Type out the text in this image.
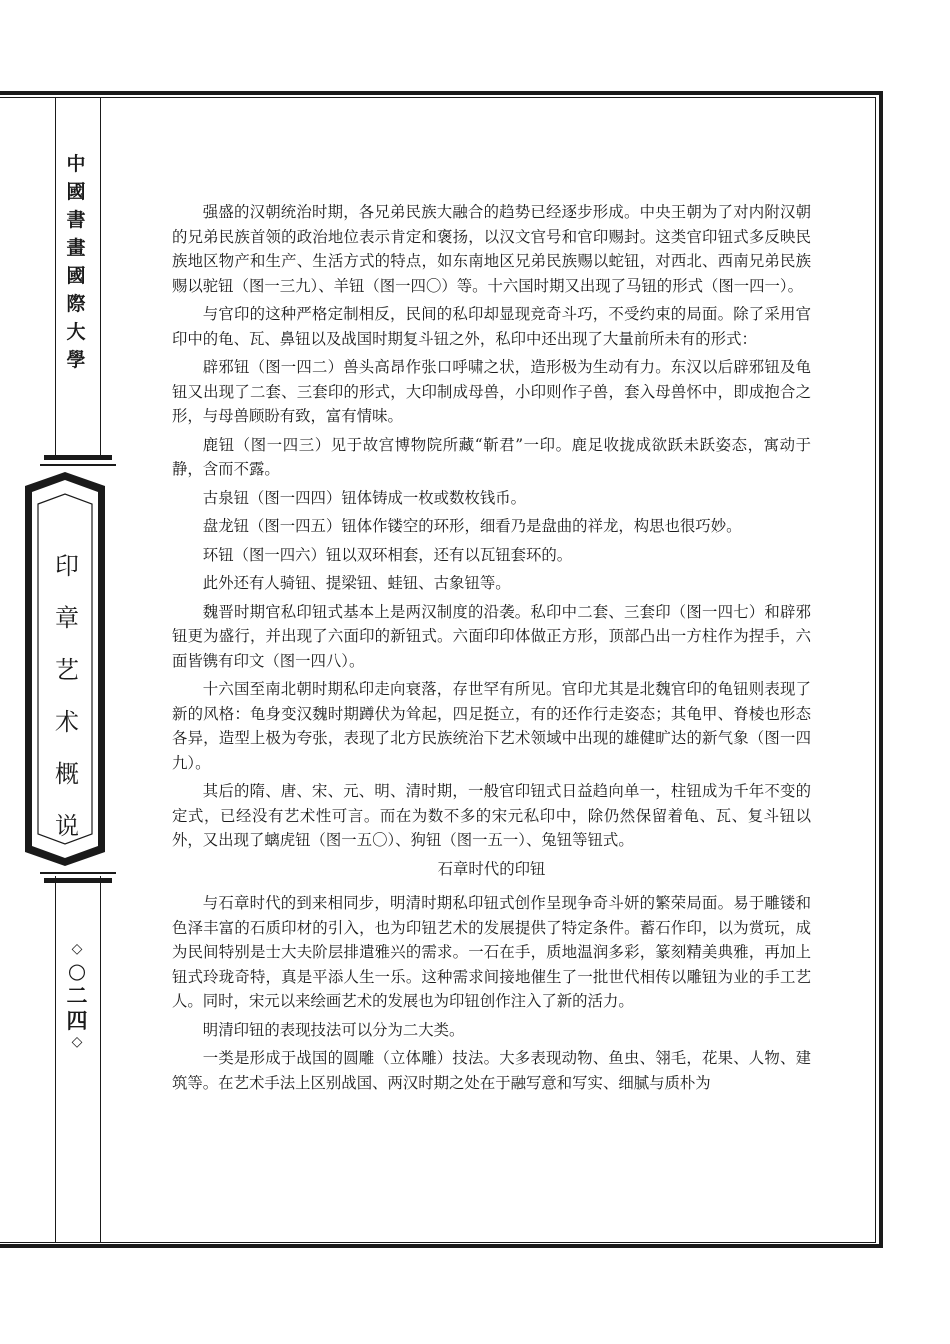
中
國
書
畫
國
際
大
學
印
章
艺
术
概
说
◇
○
二
四
◇

强盛的汉朝统治时期，各兄弟民族大融合的趋势已经逐步形成。中央王朝为了对内附汉朝的兄弟民族首领的政治地位表示肯定和褒扬，以汉文官号和官印赐封。这类官印钮式多反映民族地区物产和生产、生活方式的特点，如东南地区兄弟民族赐以蛇钮，对西北、西南兄弟民族赐以驼钮（图一三九）、羊钮（图一四〇）等。十六国时期又出现了马钮的形式（图一四一）。

与官印的这种严格定制相反，民间的私印却显现竞奇斗巧，不受约束的局面。除了采用官印中的龟、瓦、鼻钮以及战国时期复斗钮之外，私印中还出现了大量前所未有的形式：

辟邪钮（图一四二）兽头高昂作张口呼啸之状，造形极为生动有力。东汉以后辟邪钮及龟钮又出现了二套、三套印的形式，大印制成母兽，小印则作子兽，套入母兽怀中，即成抱合之形，与母兽顾盼有致，富有情味。

鹿钮（图一四三）见于故宫博物院所藏“靳君”一印。鹿足收拢成欲跃未跃姿态，寓动于静，含而不露。

古泉钮（图一四四）钮体铸成一枚或数枚钱币。

盘龙钮（图一四五）钮体作镂空的环形，细看乃是盘曲的祥龙，构思也很巧妙。

环钮（图一四六）钮以双环相套，还有以瓦钮套环的。

此外还有人骑钮、提梁钮、蛙钮、古象钮等。

魏晋时期官私印钮式基本上是两汉制度的沿袭。私印中二套、三套印（图一四七）和辟邪钮更为盛行，并出现了六面印的新钮式。六面印印体做正方形，顶部凸出一方柱作为捏手，六面皆镌有印文（图一四八）。

十六国至南北朝时期私印走向衰落，存世罕有所见。官印尤其是北魏官印的龟钮则表现了新的风格：龟身变汉魏时期蹲伏为耸起，四足挺立，有的还作行走姿态；其龟甲、脊棱也形态各异，造型上极为夸张，表现了北方民族统治下艺术领域中出现的雄健旷达的新气象（图一四九）。

其后的隋、唐、宋、元、明、清时期，一般官印钮式日益趋向单一，柱钮成为千年不变的定式，已经没有艺术性可言。而在为数不多的宋元私印中，除仍然保留着龟、瓦、复斗钮以外，又出现了螭虎钮（图一五〇）、狗钮（图一五一）、兔钮等钮式。

石章时代的印钮

与石章时代的到来相同步，明清时期私印钮式创作呈现争奇斗妍的繁荣局面。易于雕镂和色泽丰富的石质印材的引入，也为印钮艺术的发展提供了特定条件。蓄石作印，以为赏玩，成为民间特别是士大夫阶层排遣雅兴的需求。一石在手，质地温润多彩，篆刻精美典雅，再加上钮式玲珑奇特，真是平添人生一乐。这种需求间接地催生了一批世代相传以雕钮为业的手工艺人。同时，宋元以来绘画艺术的发展也为印钮创作注入了新的活力。

明清印钮的表现技法可以分为二大类。

一类是形成于战国的圆雕（立体雕）技法。大多表现动物、鱼虫、翎毛，花果、人物、建筑等。在艺术手法上区别战国、两汉时期之处在于融写意和写实、细腻与质朴为
